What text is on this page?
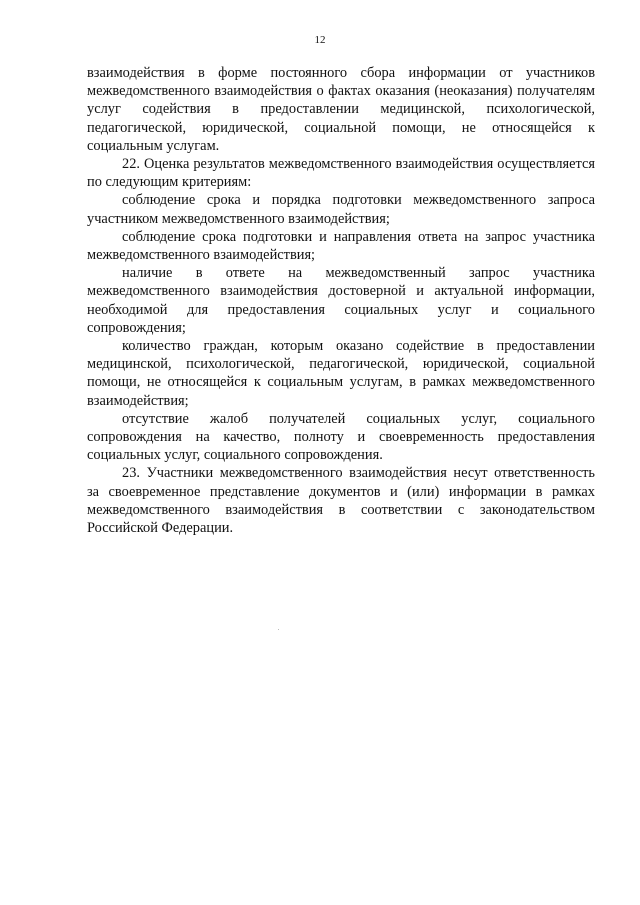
12

взаимодействия в форме постоянного сбора информации от участников межведомственного взаимодействия о фактах оказания (неоказания) получателям услуг содействия в предоставлении медицинской, психологической, педагогической, юридической, социальной помощи, не относящейся к социальным услугам.

22. Оценка результатов межведомственного взаимодействия осуществляется по следующим критериям:

соблюдение срока и порядка подготовки межведомственного запроса участником межведомственного взаимодействия;

соблюдение срока подготовки и направления ответа на запрос участника межведомственного взаимодействия;

наличие в ответе на межведомственный запрос участника межведомственного взаимодействия достоверной и актуальной информации, необходимой для предоставления социальных услуг и социального сопровождения;

количество граждан, которым оказано содействие в предоставлении медицинской, психологической, педагогической, юридической, социальной помощи, не относящейся к социальным услугам, в рамках межведомственного взаимодействия;

отсутствие жалоб получателей социальных услуг, социального сопровождения на качество, полноту и своевременность предоставления социальных услуг, социального сопровождения.

23. Участники межведомственного взаимодействия несут ответственность за своевременное представление документов и (или) информации в рамках межведомственного взаимодействия в соответствии с законодательством Российской Федерации.
